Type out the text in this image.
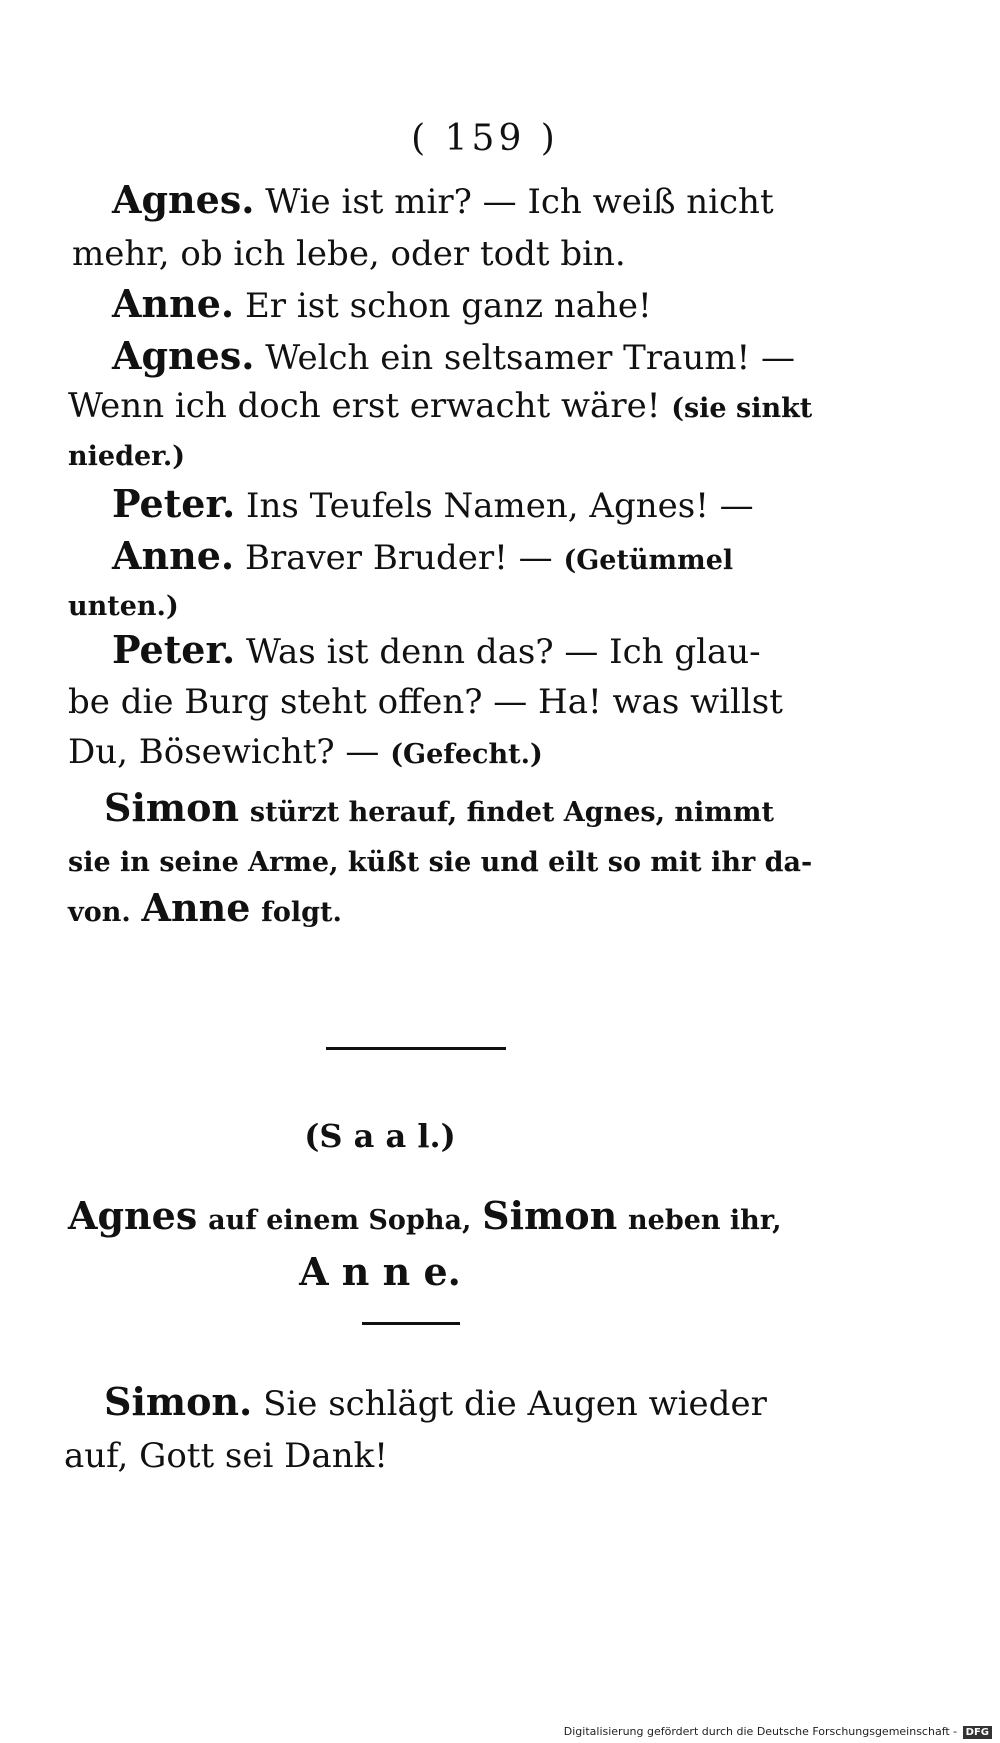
( 159 )
Agnes. Wie ist mir? — Ich weiß nicht
mehr, ob ich lebe, oder todt bin.
Anne. Er ist schon ganz nahe!
Agnes. Welch ein seltsamer Traum! —
Wenn ich doch erst erwacht wäre! (sie sinkt
nieder.)
Peter. Ins Teufels Namen, Agnes! —
Anne. Braver Bruder! — (Getümmel
unten.)
Peter. Was ist denn das? — Ich glau-
be die Burg steht offen? — Ha! was willst
Du, Bösewicht? — (Gefecht.)
Simon stürzt herauf, findet Agnes, nimmt
sie in seine Arme, küßt sie und eilt so mit ihr da-
von. Anne folgt.
(S a a l.)
Agnes auf einem Sopha, Simon neben ihr,
A n n e.
Simon. Sie schlägt die Augen wieder
auf, Gott sei Dank!
Digitalisierung gefördert durch die Deutsche Forschungsgemeinschaft - DFG
